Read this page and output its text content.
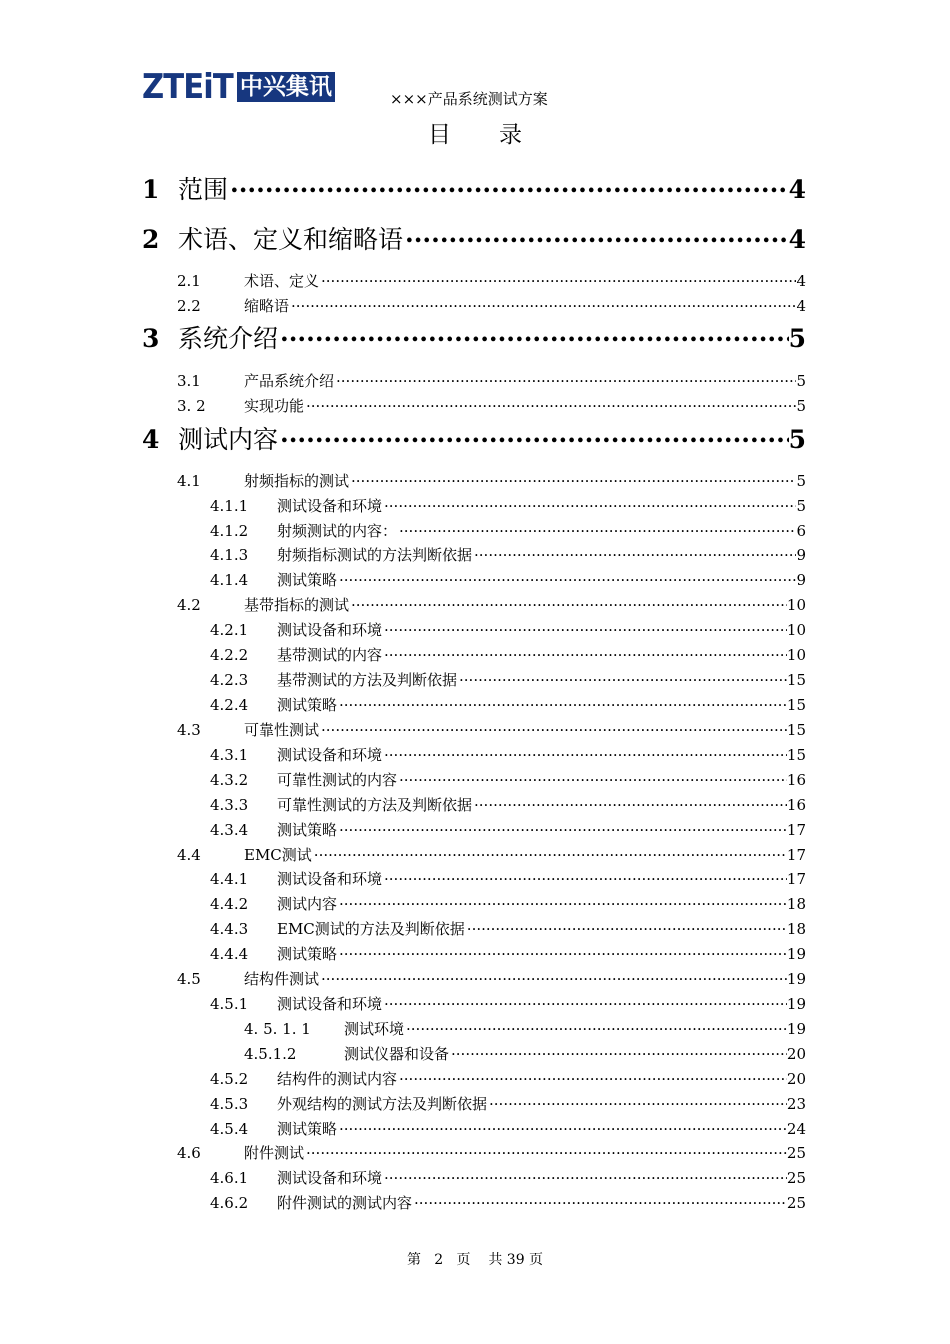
ZTEiT 中兴集讯	×××产品系统测试方案
目 录
1 范围 .....	4
2 术语、定义和缩略语 .....	4
2.1	术语、定义 .....	4
2.2	缩略语 .....	4
3 系统介绍 .....	5
3.1	产品系统介绍 .....	5
3. 2	实现功能 .....	5
4 测试内容 .....	5
4.1	射频指标的测试 .....	5
4.1.1	测试设备和环境 .....	5
4.1.2	射频测试的内容： .....	6
4.1.3	射频指标测试的方法判断依据 .....	9
4.1.4	测试策略 .....	9
4.2	基带指标的测试 .....	10
4.2.1	测试设备和环境 .....	10
4.2.2	基带测试的内容 .....	10
4.2.3	基带测试的方法及判断依据 .....	15
4.2.4	测试策略 .....	15
4.3	可靠性测试 .....	15
4.3.1	测试设备和环境 .....	15
4.3.2	可靠性测试的内容 .....	16
4.3.3	可靠性测试的方法及判断依据 .....	16
4.3.4	测试策略 .....	17
4.4	EMC测试 .....	17
4.4.1	测试设备和环境 .....	17
4.4.2	测试内容 .....	18
4.4.3	EMC测试的方法及判断依据 .....	18
4.4.4	测试策略 .....	19
4.5	结构件测试 .....	19
4.5.1	测试设备和环境 .....	19
4. 5. 1. 1	测试环境 .....	19
4.5.1.2	测试仪器和设备 .....	20
4.5.2	结构件的测试内容 .....	20
4.5.3	外观结构的测试方法及判断依据 .....	23
4.5.4	测试策略 .....	24
4.6	附件测试 .....	25
4.6.1	测试设备和环境 .....	25
4.6.2	附件测试的测试内容 .....	25
第   2   页    共 39 页
